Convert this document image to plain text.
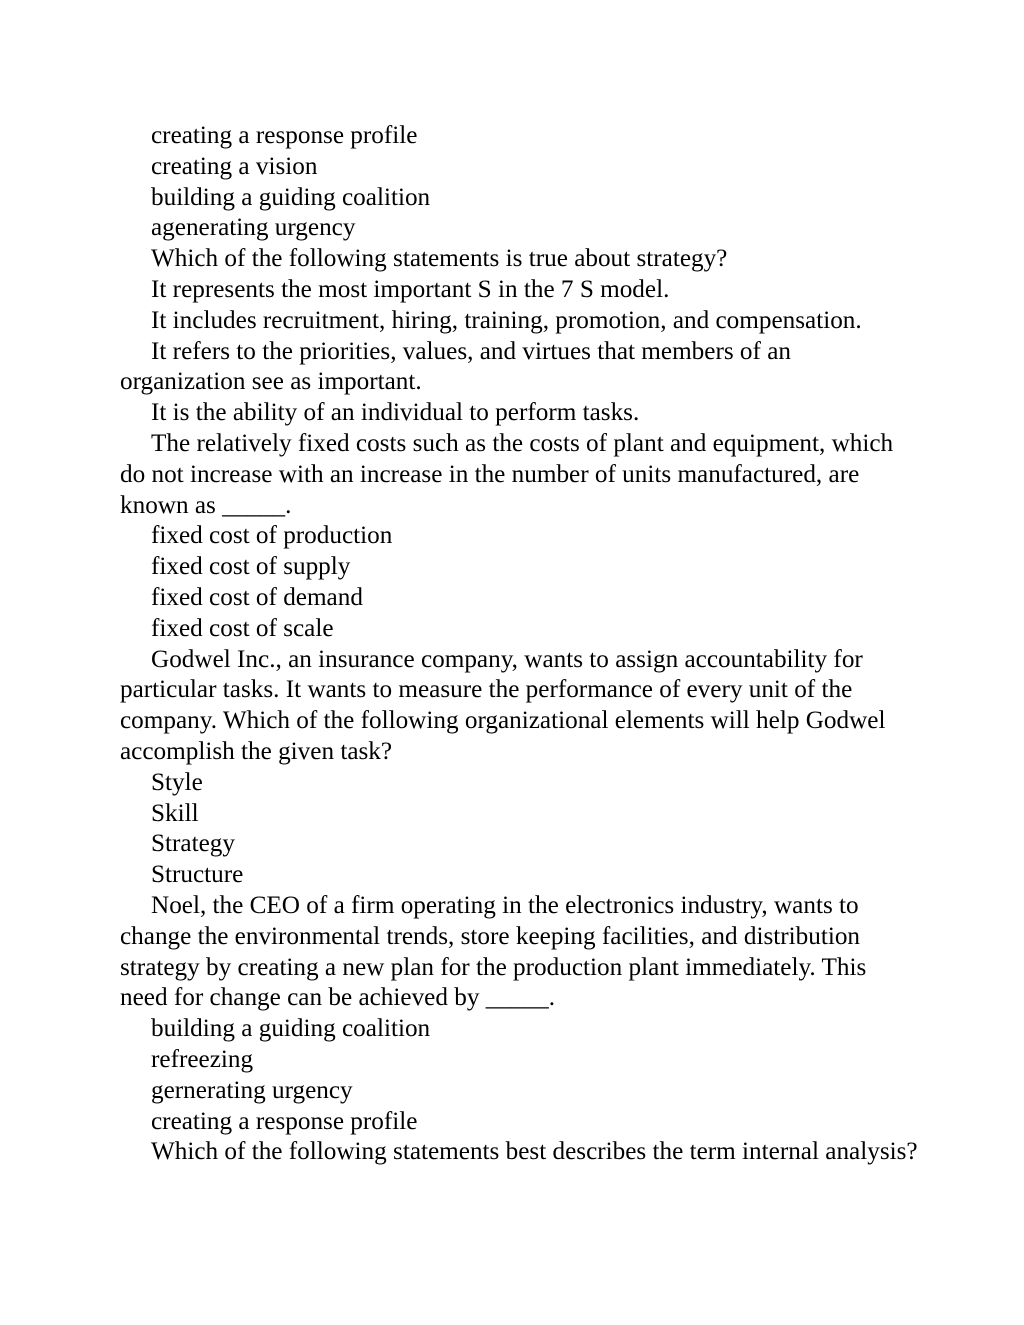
creating a response profile

creating a vision

building a guiding coalition

agenerating urgency

Which of the following statements is true about strategy?

It represents the most important S in the 7 S model.

It includes recruitment, hiring, training, promotion, and compensation.

It refers to the priorities, values, and virtues that members of an organization see as important.

It is the ability of an individual to perform tasks.

The relatively fixed costs such as the costs of plant and equipment, which do not increase with an increase in the number of units manufactured, are known as _____.

fixed cost of production

fixed cost of supply

fixed cost of demand

fixed cost of scale

Godwel Inc., an insurance company, wants to assign accountability for particular tasks. It wants to measure the performance of every unit of the company. Which of the following organizational elements will help Godwel accomplish the given task?

Style

Skill

Strategy

Structure

Noel, the CEO of a firm operating in the electronics industry, wants to change the environmental trends, store keeping facilities, and distribution strategy by creating a new plan for the production plant immediately. This need for change can be achieved by _____.

building a guiding coalition

refreezing

gernerating urgency

creating a response profile

Which of the following statements best describes the term internal analysis?
